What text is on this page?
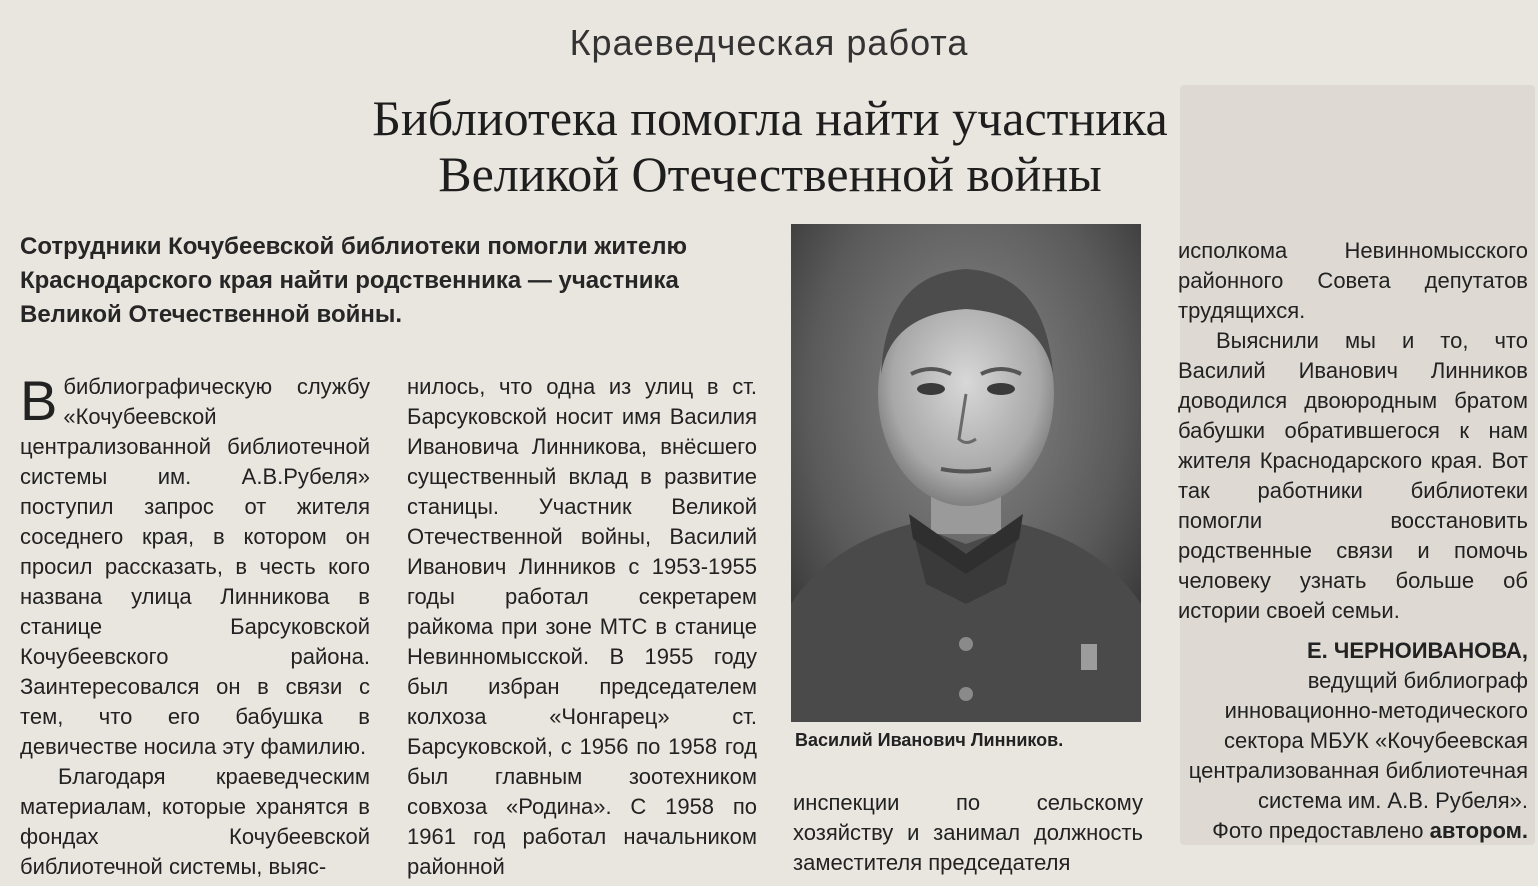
Краеведческая работа
Библиотека помогла найти участника
Великой Отечественной войны
Сотрудники Кочубеевской библиотеки помогли жителю Краснодарского края найти родственника — участника Великой Отечественной войны.

Вбиблиографическую службу «Кочубеевской централизованной библиотечной системы им. А.В.Рубеля» поступил запрос от жителя соседнего края, в котором он просил рассказать, в честь кого названа улица Линникова в станице Барсуковской Кочубеевского района. Заинтересовался он в связи с тем, что его бабушка в девичестве носила эту фамилию.

Благодаря краеведческим материалам, которые хранятся в фондах Кочубеевской библиотечной системы, выяс-

нилось, что одна из улиц в ст. Барсуковской носит имя Василия Ивановича Линникова, внёсшего существенный вклад в развитие станицы. Участник Великой Отечественной войны, Василий Иванович Линников с 1953-1955 годы работал секретарем райкома при зоне МТС в станице Невинномысской. В 1955 году был избран председателем колхоза «Чонгарец» ст. Барсуковской, с 1956 по 1958 год был главным зоотехником совхоза «Родина». С 1958 по 1961 год работал начальником районной

Василий Иванович Линников.

инспекции по сельскому хозяйству и занимал должность заместителя председателя

исполкома Невинномысского районного Совета депутатов трудящихся.

Выяснили мы и то, что Василий Иванович Линников доводился двоюродным братом бабушки обратившегося к нам жителя Краснодарского края. Вот так работники библиотеки помогли восстановить родственные связи и помочь человеку узнать больше об истории своей семьи.

Е. ЧЕРНОИВАНОВА,
ведущий библиограф инновационно-методического сектора МБУК «Кочубеевская централизованная библиотечная система им. А.В. Рубеля».
Фото предоставлено автором.
